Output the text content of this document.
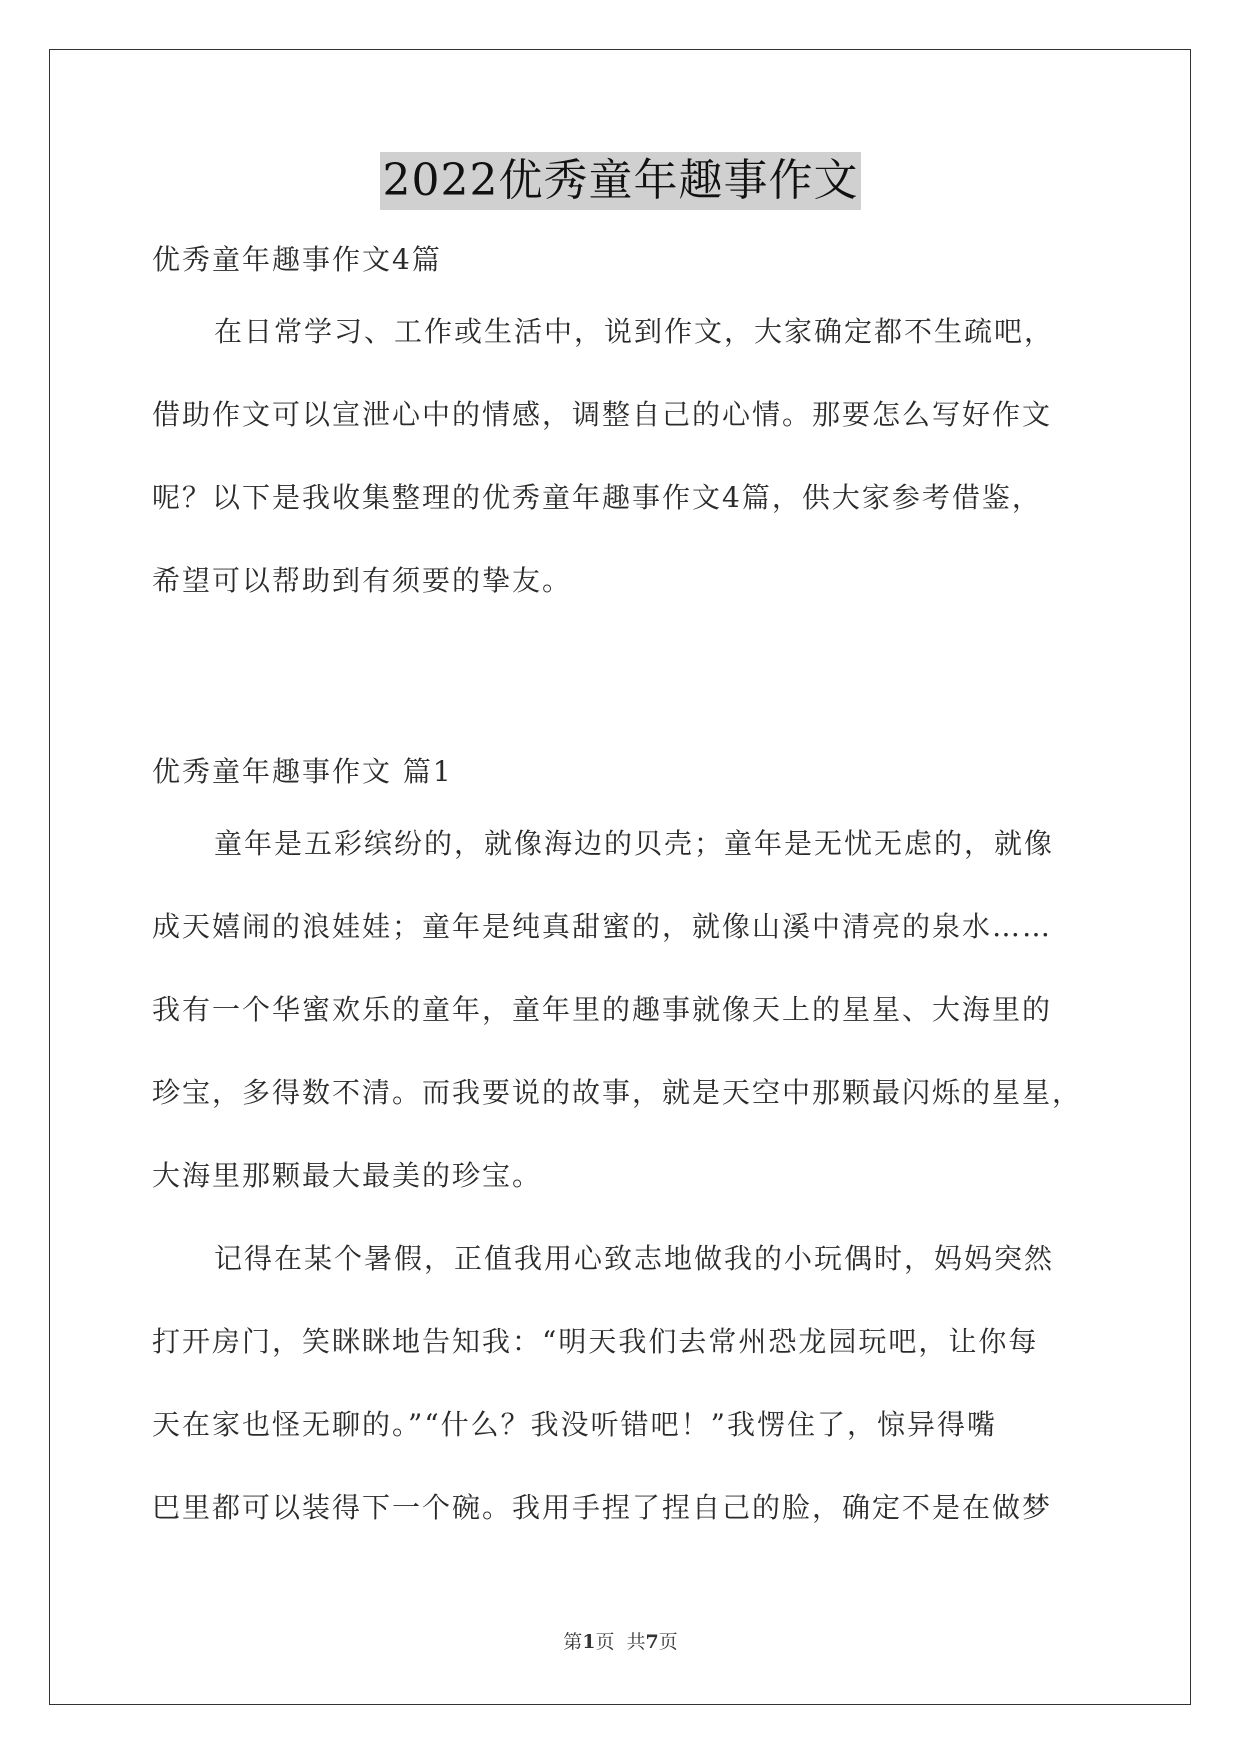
2022优秀童年趣事作文
优秀童年趣事作文4篇
在日常学习、工作或生活中，说到作文，大家确定都不生疏吧，
借助作文可以宣泄心中的情感，调整自己的心情。那要怎么写好作文
呢？以下是我收集整理的优秀童年趣事作文4篇，供大家参考借鉴，
希望可以帮助到有须要的挚友。
优秀童年趣事作文 篇1
童年是五彩缤纷的，就像海边的贝壳；童年是无忧无虑的，就像
成天嬉闹的浪娃娃；童年是纯真甜蜜的，就像山溪中清亮的泉水……
我有一个华蜜欢乐的童年，童年里的趣事就像天上的星星、大海里的
珍宝，多得数不清。而我要说的故事，就是天空中那颗最闪烁的星星，
大海里那颗最大最美的珍宝。
记得在某个暑假，正值我用心致志地做我的小玩偶时，妈妈突然
打开房门，笑眯眯地告知我：“明天我们去常州恐龙园玩吧，让你每
天在家也怪无聊的。”“什么？我没听错吧！”我愣住了，惊异得嘴
巴里都可以装得下一个碗。我用手捏了捏自己的脸，确定不是在做梦
第1页  共7页
